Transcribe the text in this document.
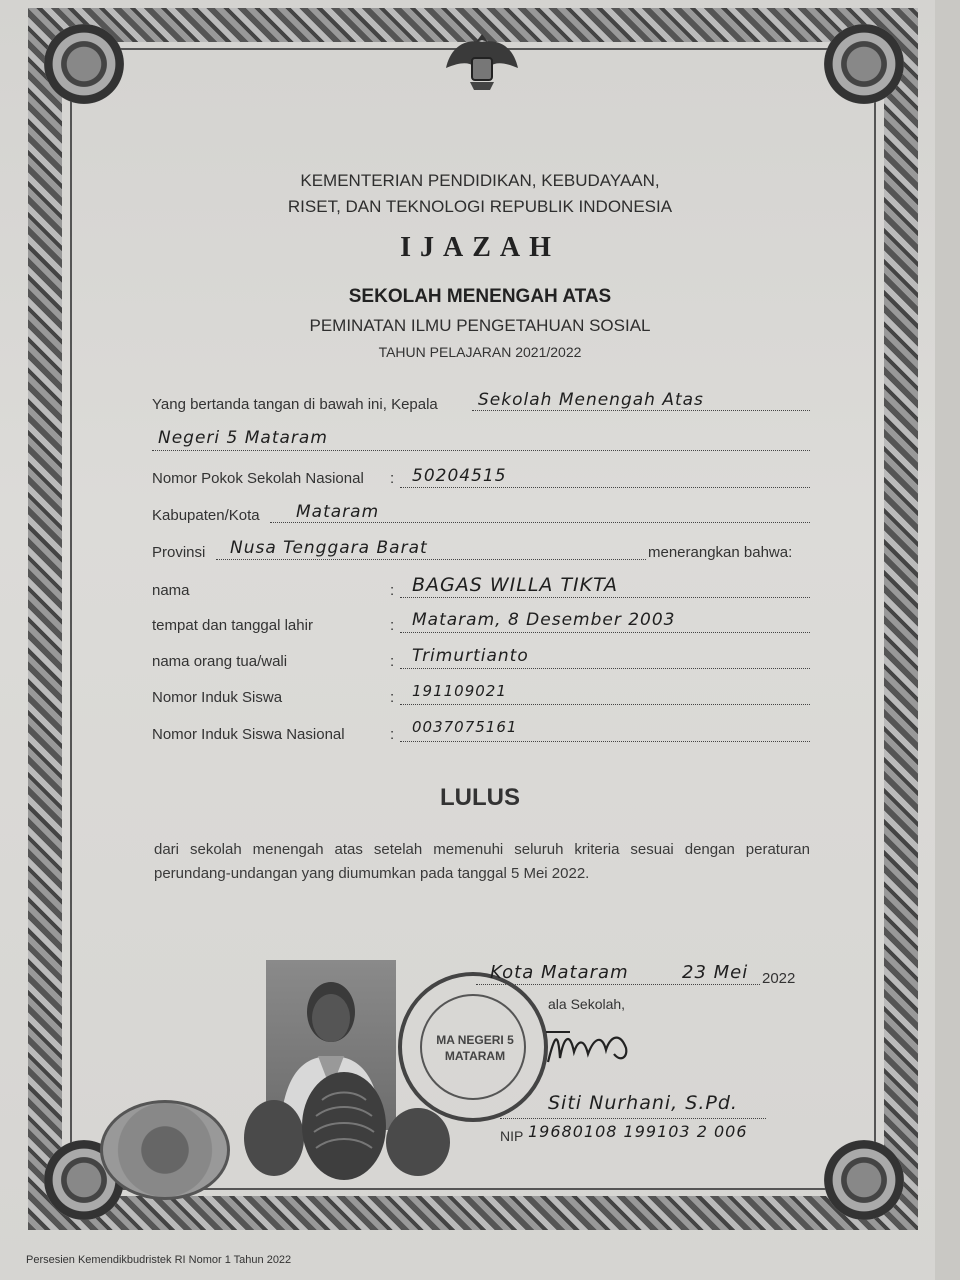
KEMENTERIAN PENDIDIKAN, KEBUDAYAAN,
RISET, DAN TEKNOLOGI REPUBLIK INDONESIA
IJAZAH
SEKOLAH MENENGAH ATAS
PEMINATAN ILMU PENGETAHUAN SOSIAL
TAHUN PELAJARAN 2021/2022
Yang bertanda tangan di bawah ini, Kepala Sekolah Menengah Atas
Negeri 5 Mataram
Nomor Pokok Sekolah Nasional : 50204515
Kabupaten/Kota Mataram
Provinsi Nusa Tenggara Barat	menerangkan bahwa:
nama	: BAGAS WILLA TIKTA
tempat dan tanggal lahir	: Mataram, 8 Desember 2003
nama orang tua/wali	: Trimurtianto
Nomor Induk Siswa	: 191109021
Nomor Induk Siswa Nasional	: 0037075161
LULUS
dari sekolah menengah atas setelah memenuhi seluruh kriteria sesuai dengan peraturan perundang-undangan yang diumumkan pada tanggal 5 Mei 2022.
MA NEGERI 5
MATARAM
Kota Mataram	23 Mei 2022
ala Sekolah,
Siti Nurhani, S.Pd.
NIP 19680108 199103 2 006
Persesien Kemendikbudristek RI Nomor 1 Tahun 2022
